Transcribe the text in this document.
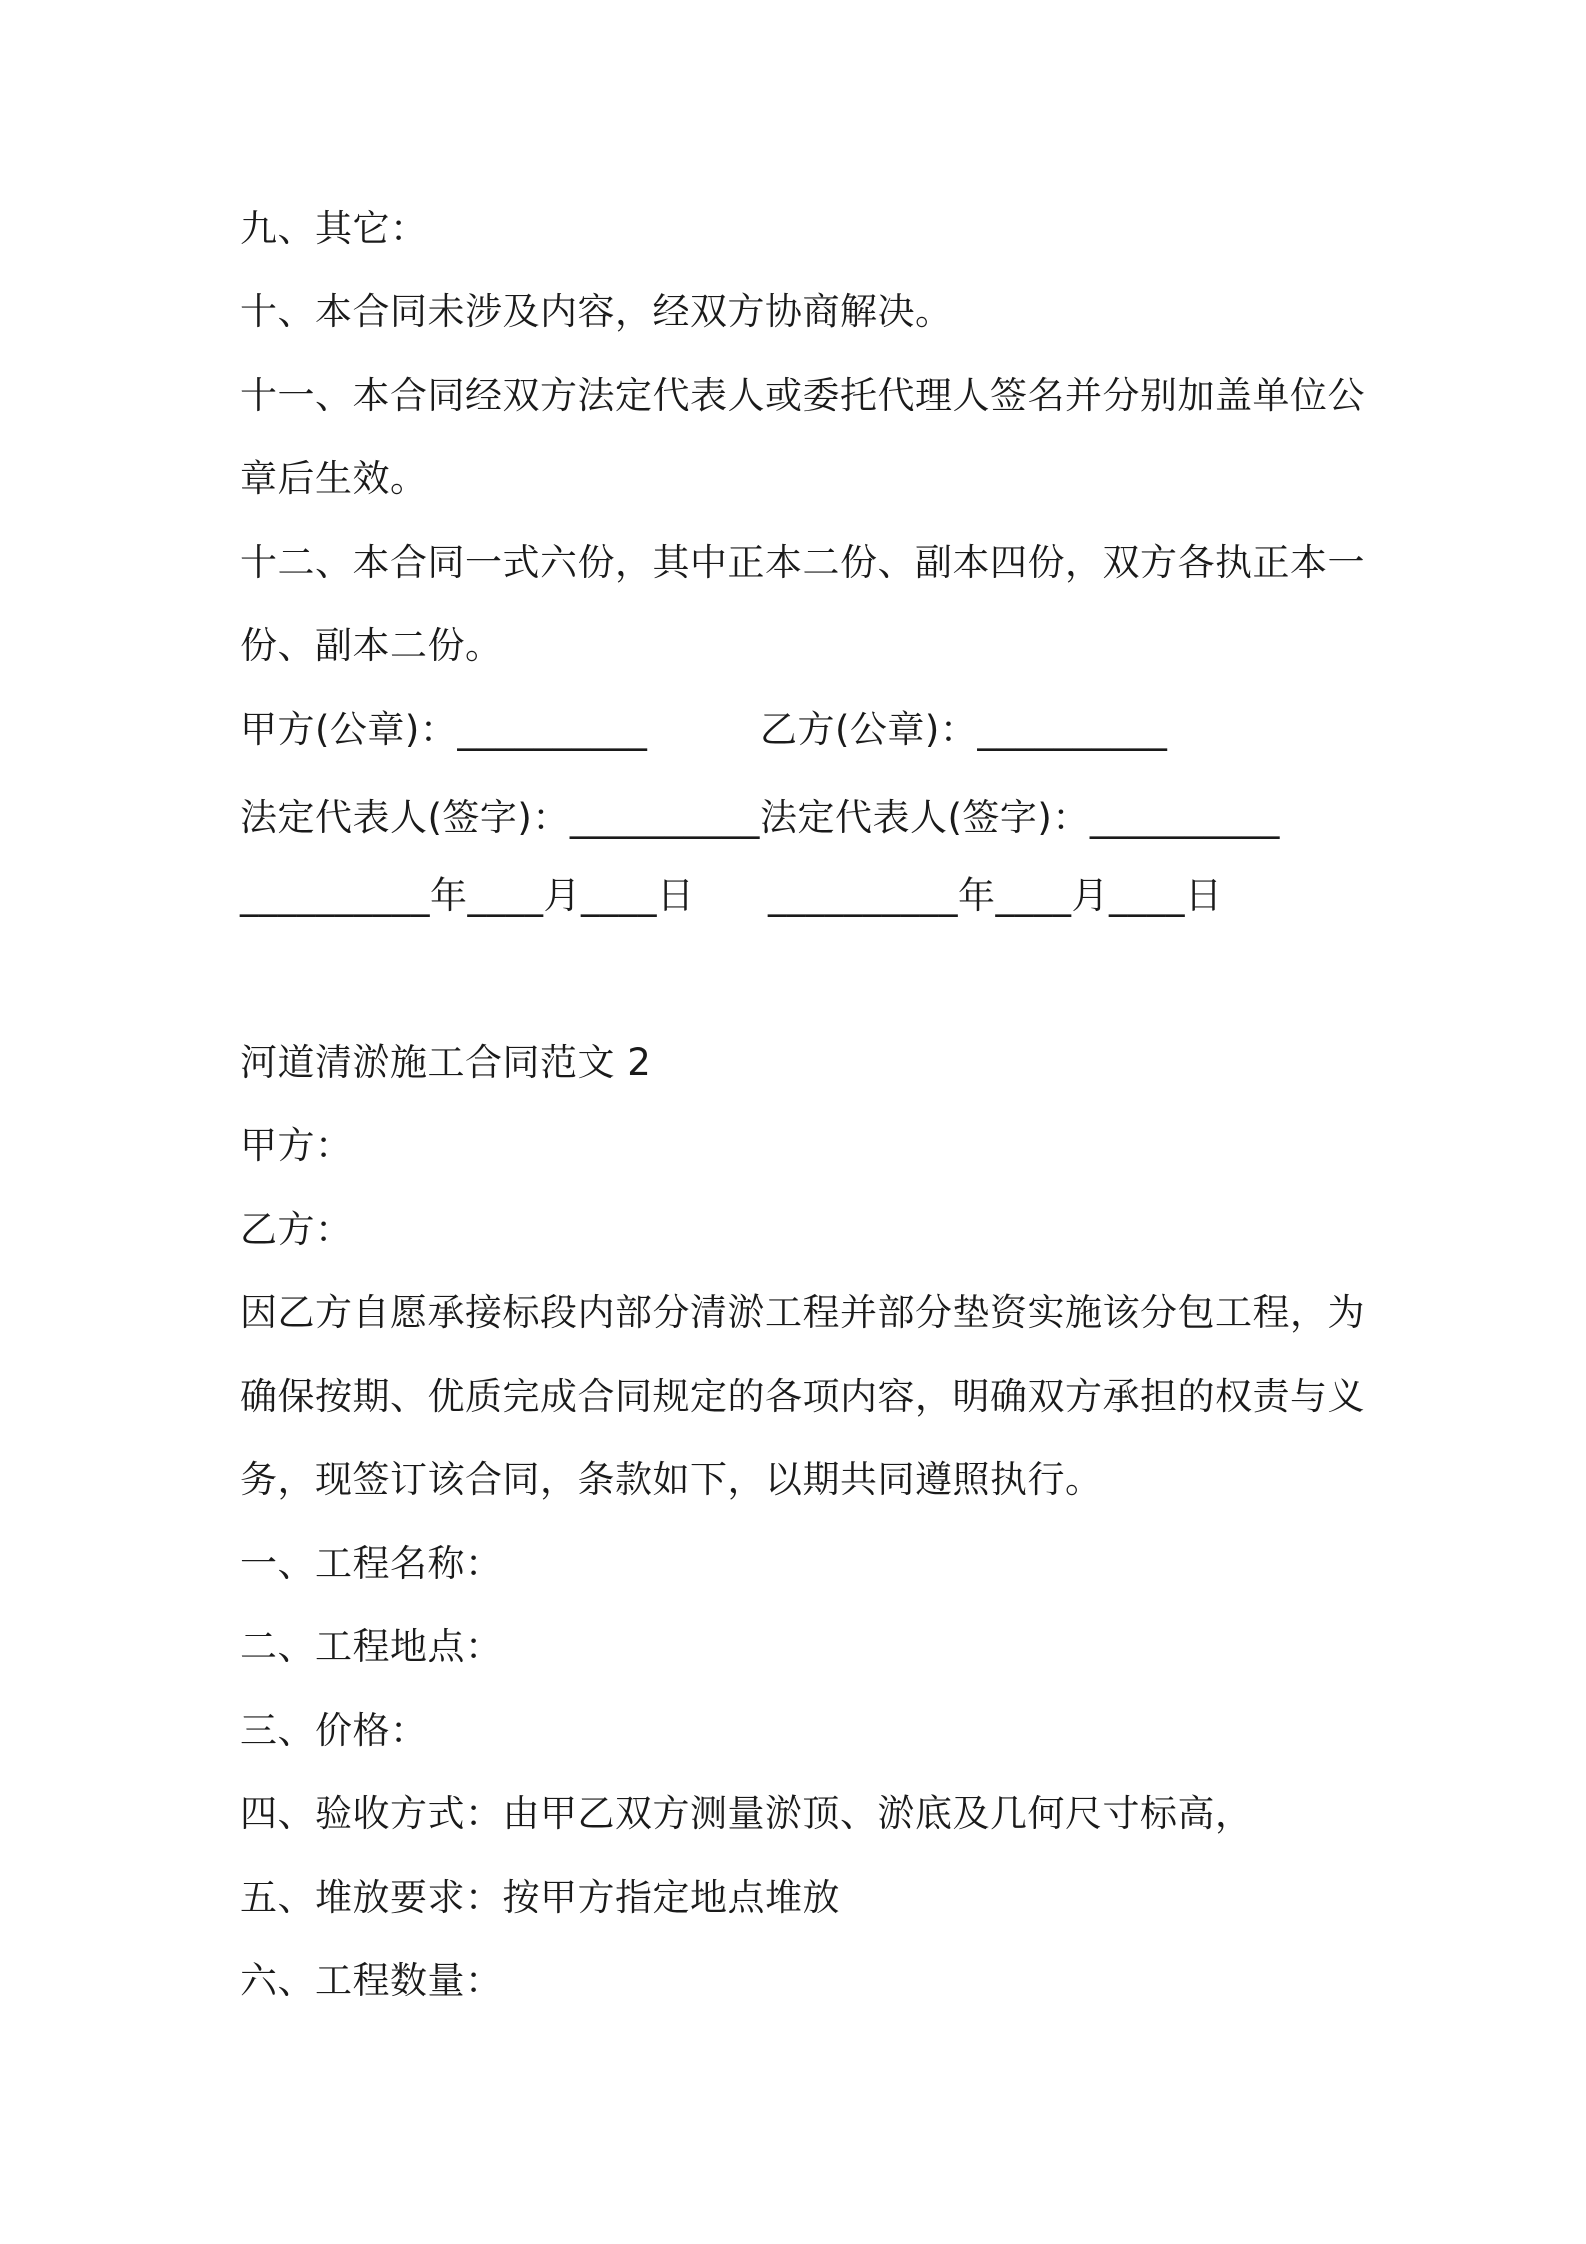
九、其它：
十、本合同未涉及内容，经双方协商解决。
十一、本合同经双方法定代表人或委托代理人签名并分别加盖单位公
章后生效。
十二、本合同一式六份，其中正本二份、副本四份，双方各执正本一
份、副本二份。
甲方(公章)：__________	乙方(公章)：__________
法定代表人(签字)：__________ 法定代表人(签字)：__________
__________年____月____日 __________年____月____日
河道清淤施工合同范文 2
甲方：
乙方：
因乙方自愿承接标段内部分清淤工程并部分垫资实施该分包工程，为
确保按期、优质完成合同规定的各项内容，明确双方承担的权责与义
务，现签订该合同，条款如下，以期共同遵照执行。
一、工程名称：
二、工程地点：
三、价格：
四、验收方式：由甲乙双方测量淤顶、淤底及几何尺寸标高，
五、堆放要求：按甲方指定地点堆放
六、工程数量：
